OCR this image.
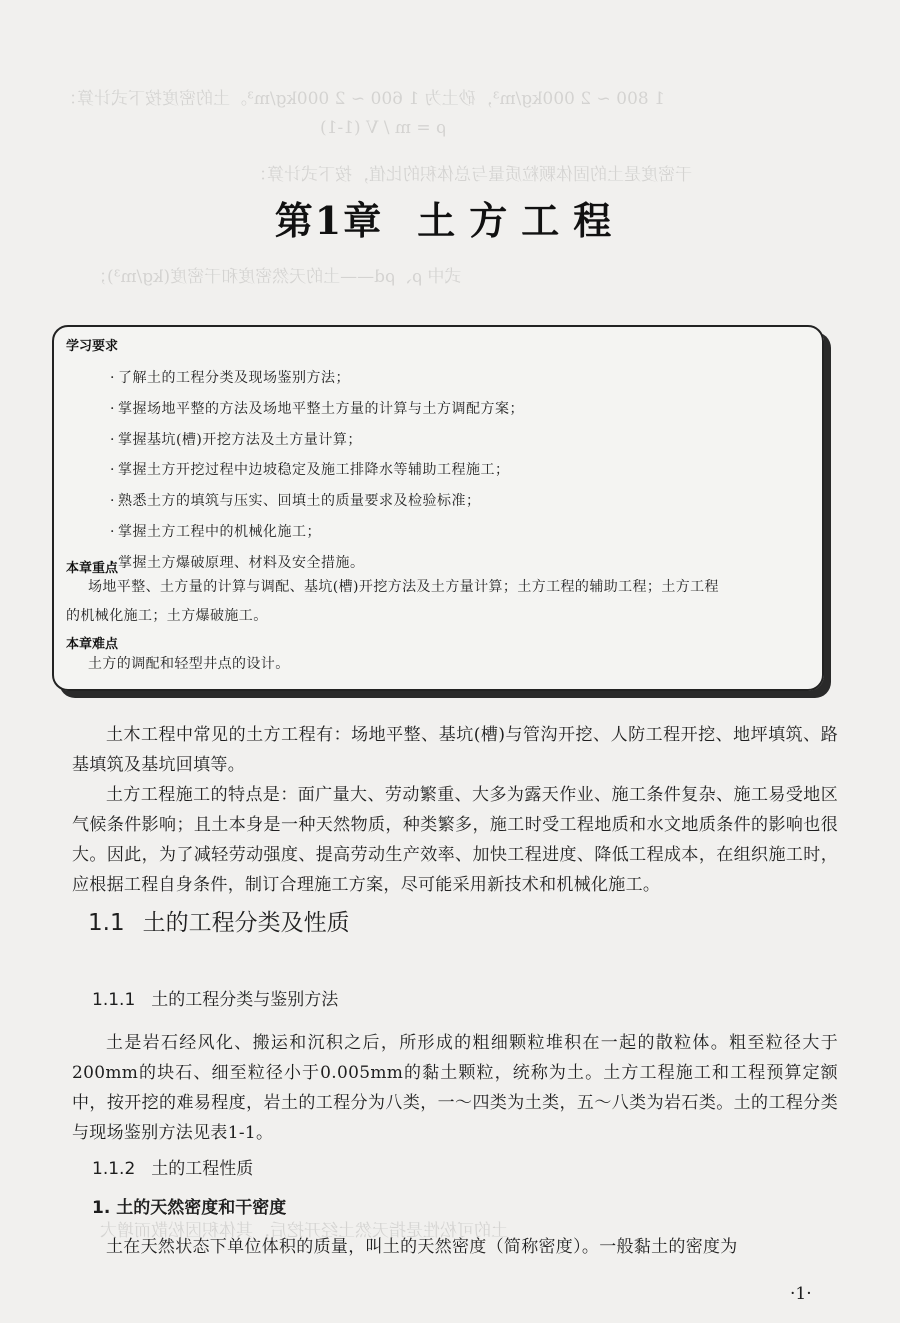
1 800 ~ 2 000kg/m³，砂土为 1 600 ~ 2 000kg/m³。土的密度按下式计算：
ρ = m / V (1-1)
干密度是土的固体颗粒质量与总体积的比值，按下式计算：
式中 ρ、ρd——土的天然密度和干密度(kg/m³)；
土的可松性是指天然土经开挖后，其体积因松散而增大
第1章 土方工程
学习要求
· 了解土的工程分类及现场鉴别方法；
· 掌握场地平整的方法及场地平整土方量的计算与土方调配方案；
· 掌握基坑(槽)开挖方法及土方量计算；
· 掌握土方开挖过程中边坡稳定及施工排降水等辅助工程施工；
· 熟悉土方的填筑与压实、回填土的质量要求及检验标准；
· 掌握土方工程中的机械化施工；
· 掌握土方爆破原理、材料及安全措施。
本章重点
场地平整、土方量的计算与调配、基坑(槽)开挖方法及土方量计算；土方工程的辅助工程；土方工程
的机械化施工；土方爆破施工。
本章难点
土方的调配和轻型井点的设计。

土木工程中常见的土方工程有：场地平整、基坑(槽)与管沟开挖、人防工程开挖、地坪填筑、路基填筑及基坑回填等。

土方工程施工的特点是：面广量大、劳动繁重、大多为露天作业、施工条件复杂、施工易受地区气候条件影响；且土本身是一种天然物质，种类繁多，施工时受工程地质和水文地质条件的影响也很大。因此，为了减轻劳动强度、提高劳动生产效率、加快工程进度、降低工程成本，在组织施工时，应根据工程自身条件，制订合理施工方案，尽可能采用新技术和机械化施工。

1.1 土的工程分类及性质
1.1.1 土的工程分类与鉴别方法

土是岩石经风化、搬运和沉积之后，所形成的粗细颗粒堆积在一起的散粒体。粗至粒径大于200mm的块石、细至粒径小于0.005mm的黏土颗粒，统称为土。土方工程施工和工程预算定额中，按开挖的难易程度，岩土的工程分为八类，一～四类为土类，五～八类为岩石类。土的工程分类与现场鉴别方法见表1-1。

1.1.2 土的工程性质
1. 土的天然密度和干密度

土在天然状态下单位体积的质量，叫土的天然密度（简称密度）。一般黏土的密度为

·1·
